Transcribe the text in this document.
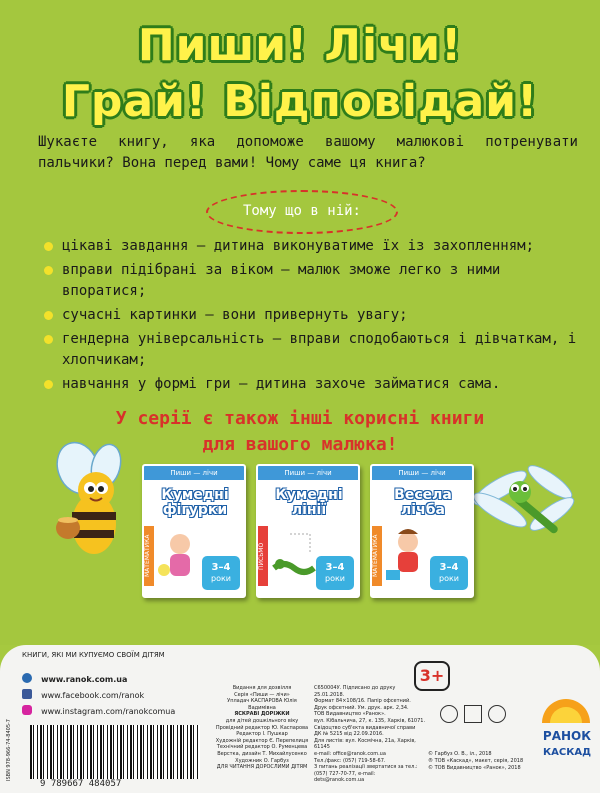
Пиши! Лічи!
Грай! Відповідай!

Шукаєте книгу, яка допоможе вашому малюкові потренувати пальчики? Вона перед вами! Чому саме ця книга?

Тому що в ній:
цікаві завдання — дитина виконуватиме їх із захопленням;
вправи підібрані за віком — малюк зможе легко з ними впоратися;
сучасні картинки — вони привернуть увагу;
гендерна універсальність — вправи сподобаються і дівчаткам, і хлопчикам;
навчання у формі гри — дитина захоче займатися сама.
У серії є також інші корисні книги
для вашого малюка!
Пиши — лічи
Кумедні фігурки
МАТЕМАТИКА	3–4
роки
Пиши — лічи
Кумедні лінії
ПИСЬМО	3–4
роки
Пиши — лічи
Весела лічба
МАТЕМАТИКА	3–4
роки
КНИГИ, ЯКІ МИ КУПУЄМО СВОЇМ ДІТЯМ
www.ranok.com.ua
www.facebook.com/ranok
www.instagram.com/ranokcomua
9 789667 484057
ISBN 978-966-74-8405-7
Видання для дозвілля
Серія «Пиши — лічи»
Упладач КАСПАРОВА Юлія Вадимівна
ЯСКРАВІ ДОРІЖКИ
для дітей дошкільного віку
Провідний редактор Ю. Каспарова
Редактор І. Пушкар
Художній редактор Є. Перепелиця
Технічний редактор О. Руменцева
Верстка, дизайн Т. Михайлусенко
Художник О. Гарбуз
ДЛЯ ЧИТАННЯ ДОРОСЛИМИ ДІТЯМ
С650004У. Підписано до друку 25.01.2018.
Формат 84×108/16. Папір офсетний.
Друк офсетний. Ум. друк. арк. 2,34.
ТОВ Видавництво «Ранок».
вул. Кібальчича, 27, к. 135, Харків, 61071.
Свідоцтво суб'єкта видавничої справи
ДК № 5215 від 22.09.2016.
Для листів: вул. Космічна, 21а, Харків, 61145
e-mail: office@ranok.com.ua
Тел./факс: (057) 719-58-67.
З питань реалізації звертатися за тел.:
(057) 727-70-77, e-mail: dets@ranok.com.ua
3+
© Гарбуз О. В., іл., 2018
® ТОВ «Каскад», макет, серія, 2018
© ТОВ Видавництво «Ранок», 2018
РАНОК
КАСКАД
